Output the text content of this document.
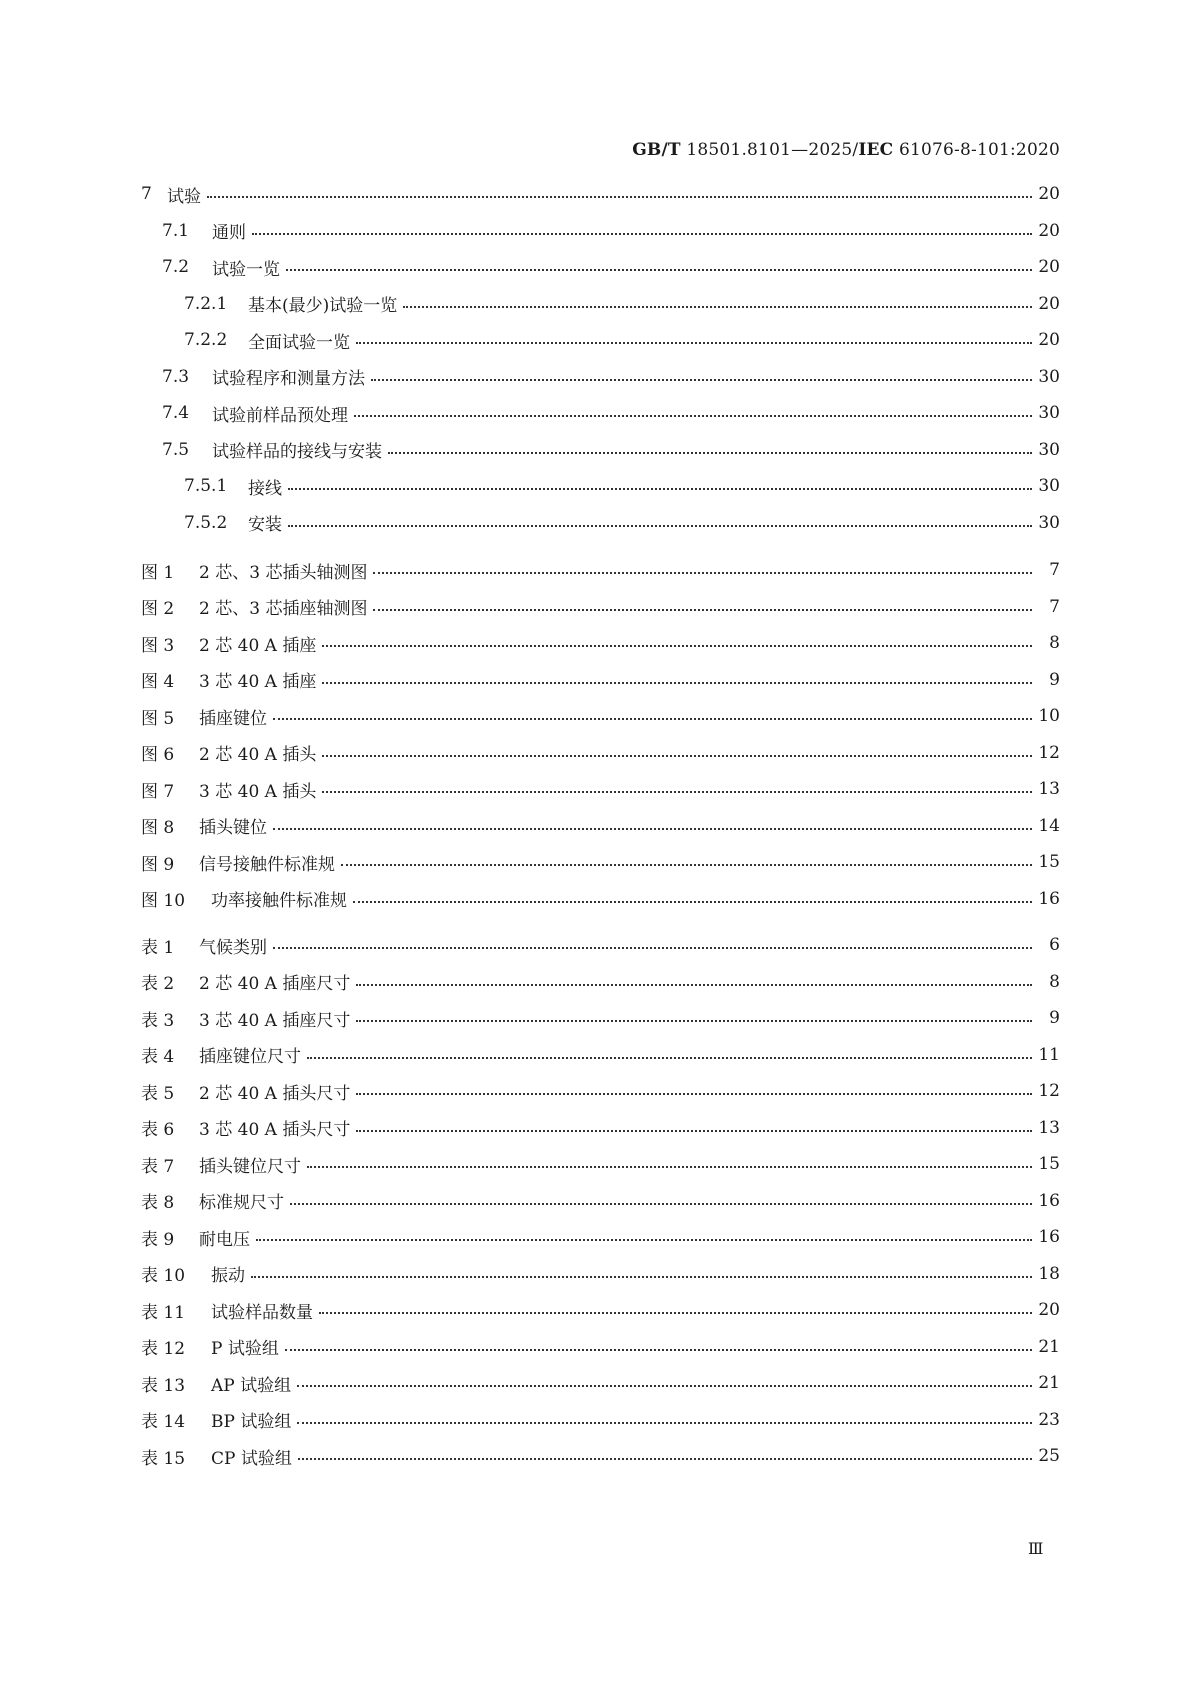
GB/T 18501.8101—2025/IEC 61076-8-101:2020
7 试验	20
7.1	通则	20
7.2	试验一览	20
7.2.1	基本(最少)试验一览	20
7.2.2	全面试验一览	20
7.3	试验程序和测量方法	30
7.4	试验前样品预处理	30
7.5	试验样品的接线与安装	30
7.5.1	接线	30
7.5.2	安装	30
图 1	2 芯、3 芯插头轴测图	7
图 2	2 芯、3 芯插座轴测图	7
图 3	2 芯 40 A 插座	8
图 4	3 芯 40 A 插座	9
图 5	插座键位	10
图 6	2 芯 40 A 插头	12
图 7	3 芯 40 A 插头	13
图 8	插头键位	14
图 9	信号接触件标准规	15
图 10	功率接触件标准规	16
表 1	气候类别	6
表 2	2 芯 40 A 插座尺寸	8
表 3	3 芯 40 A 插座尺寸	9
表 4	插座键位尺寸	11
表 5	2 芯 40 A 插头尺寸	12
表 6	3 芯 40 A 插头尺寸	13
表 7	插头键位尺寸	15
表 8	标准规尺寸	16
表 9	耐电压	16
表 10	振动	18
表 11	试验样品数量	20
表 12	P 试验组	21
表 13	AP 试验组	21
表 14	BP 试验组	23
表 15	CP 试验组	25
Ⅲ
